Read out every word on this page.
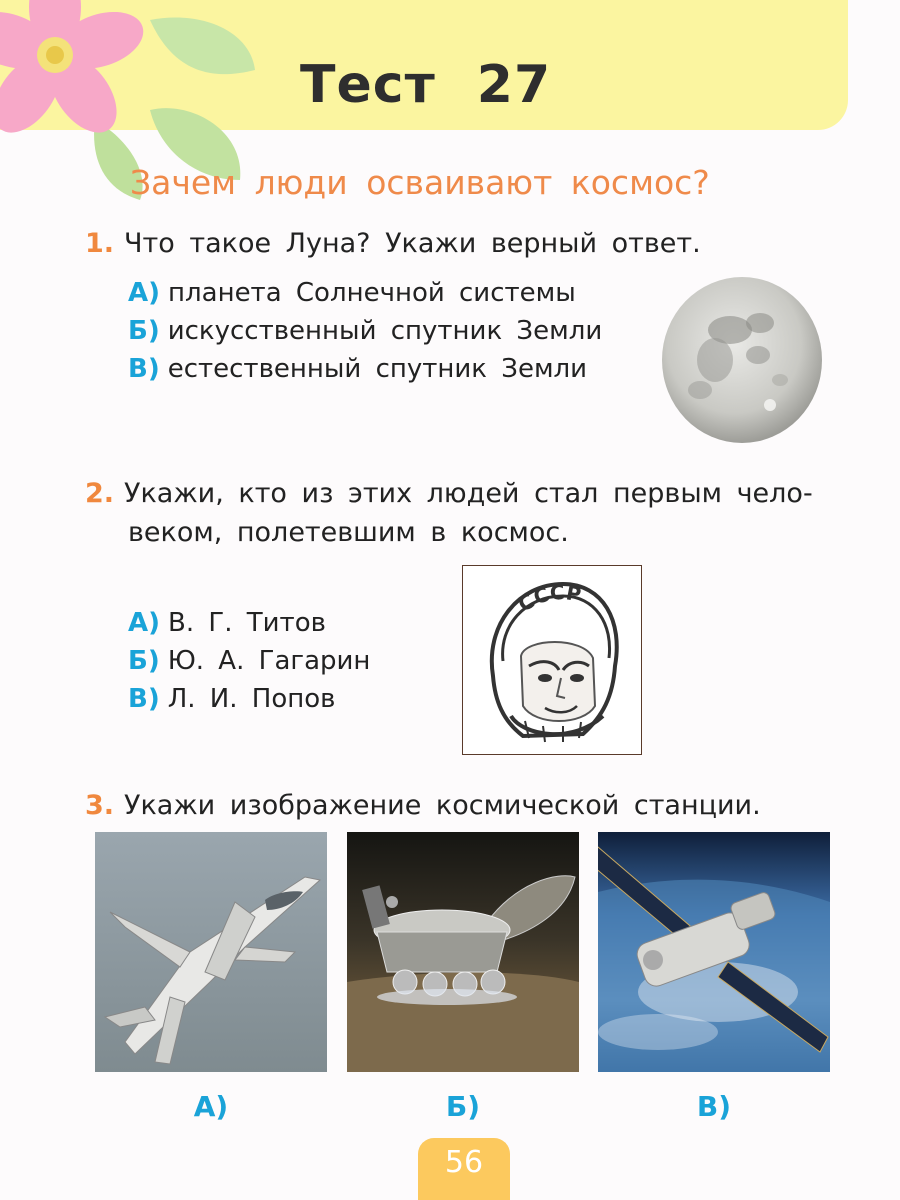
Тест 27
Зачем люди осваивают космос?
1. Что такое Луна? Укажи верный ответ.
А) планета Солнечной системы
Б) искусственный спутник Земли
В) естественный спутник Земли
2. Укажи, кто из этих людей стал первым чело-
веком, полетевшим в космос.
А) В. Г. Титов
Б) Ю. А. Гагарин
В) Л. И. Попов
СССР
3. Укажи изображение космической станции.
А)	Б)	В)
56
